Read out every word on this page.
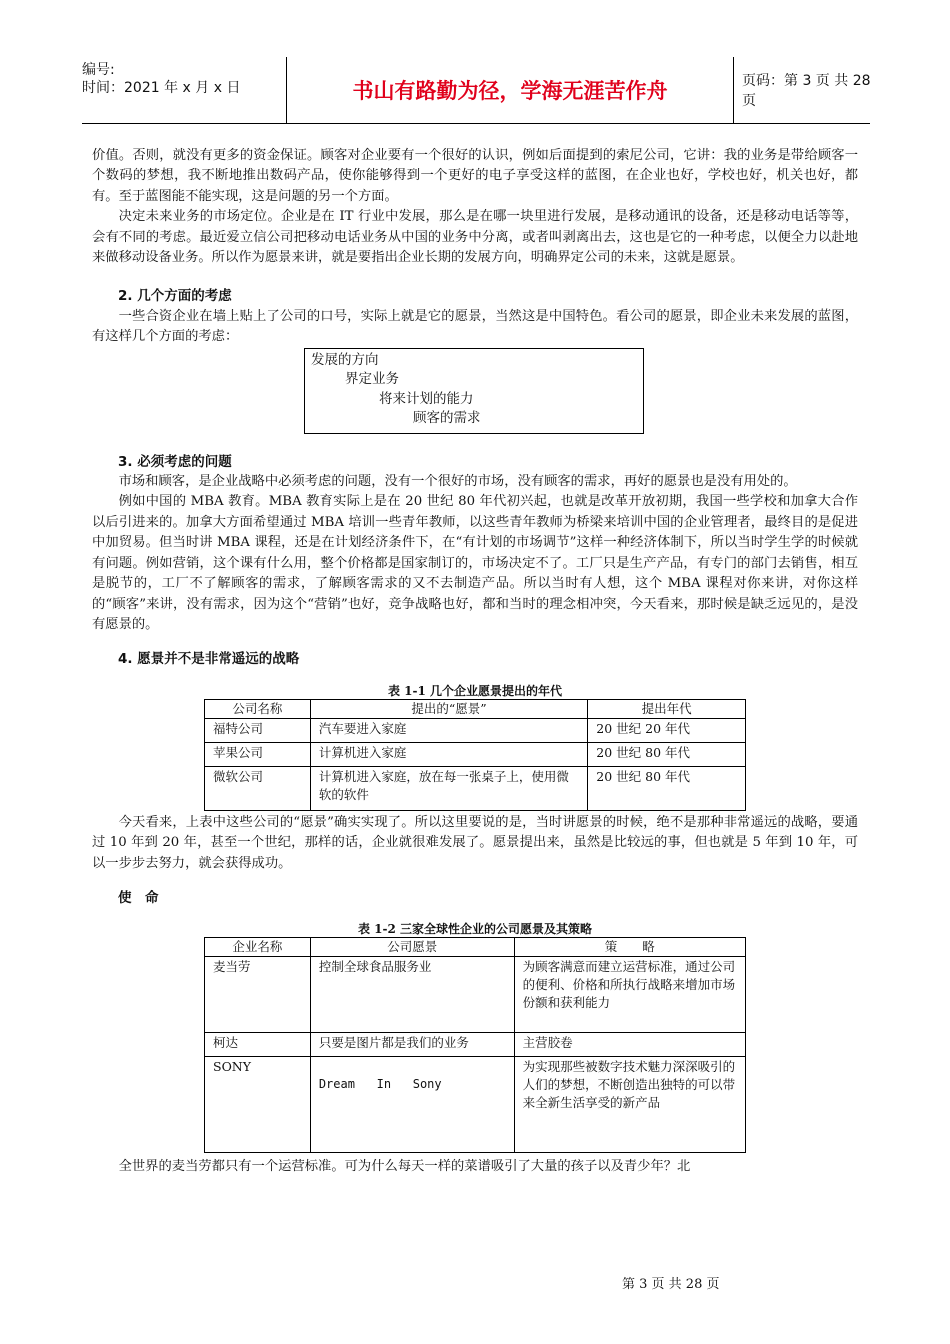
编号:
时间：2021 年 x 月 x 日	书山有路勤为径，学海无涯苦作舟	页码：第 3 页 共 28 页

价值。否则，就没有更多的资金保证。顾客对企业要有一个很好的认识，例如后面提到的索尼公司，它讲：我的业务是带给顾客一个数码的梦想，我不断地推出数码产品，使你能够得到一个更好的电子享受这样的蓝图，在企业也好，学校也好，机关也好，都有。至于蓝图能不能实现，这是问题的另一个方面。

决定未来业务的市场定位。企业是在 IT 行业中发展，那么是在哪一块里进行发展，是移动通讯的设备，还是移动电话等等，会有不同的考虑。最近爱立信公司把移动电话业务从中国的业务中分离，或者叫剥离出去，这也是它的一种考虑，以便全力以赴地来做移动设备业务。所以作为愿景来讲，就是要指出企业长期的发展方向，明确界定公司的未来，这就是愿景。

2. 几个方面的考虑

一些合资企业在墙上贴上了公司的口号，实际上就是它的愿景，当然这是中国特色。看公司的愿景，即企业未来发展的蓝图，有这样几个方面的考虑：

发展的方向
界定业务
将来计划的能力
顾客的需求

3. 必须考虑的问题

市场和顾客，是企业战略中必须考虑的问题，没有一个很好的市场，没有顾客的需求，再好的愿景也是没有用处的。

例如中国的 MBA 教育。MBA 教育实际上是在 20 世纪 80 年代初兴起，也就是改革开放初期，我国一些学校和加拿大合作以后引进来的。加拿大方面希望通过 MBA 培训一些青年教师，以这些青年教师为桥梁来培训中国的企业管理者，最终目的是促进中加贸易。但当时讲 MBA 课程，还是在计划经济条件下，在“有计划的市场调节”这样一种经济体制下，所以当时学生学的时候就有问题。例如营销，这个课有什么用，整个价格都是国家制订的，市场决定不了。工厂只是生产产品，有专门的部门去销售，相互是脱节的，工厂不了解顾客的需求，了解顾客需求的又不去制造产品。所以当时有人想，这个 MBA 课程对你来讲，对你这样的“顾客”来讲，没有需求，因为这个“营销”也好，竞争战略也好，都和当时的理念相冲突，今天看来，那时候是缺乏远见的，是没有愿景的。

4. 愿景并不是非常遥远的战略

表 1-1 几个企业愿景提出的年代
公司名称	提出的“愿景”	提出年代
福特公司	汽车要进入家庭	20 世纪 20 年代
苹果公司	计算机进入家庭	20 世纪 80 年代
微软公司	计算机进入家庭，放在每一张桌子上，使用微软的软件	20 世纪 80 年代

今天看来，上表中这些公司的“愿景”确实实现了。所以这里要说的是，当时讲愿景的时候，绝不是那种非常遥远的战略，要通过 10 年到 20 年，甚至一个世纪，那样的话，企业就很难发展了。愿景提出来，虽然是比较远的事，但也就是 5 年到 10 年，可以一步步去努力，就会获得成功。

使　命

表 1-2 三家全球性企业的公司愿景及其策略
企业名称	公司愿景	策　　略
麦当劳	控制全球食品服务业	为顾客满意而建立运营标准，通过公司的便利、价格和所执行战略来增加市场份额和获利能力
柯达	只要是图片都是我们的业务	主营胶卷
SONY	Dream   In   Sony	为实现那些被数字技术魅力深深吸引的人们的梦想，不断创造出独特的可以带来全新生活享受的新产品

全世界的麦当劳都只有一个运营标准。可为什么每天一样的菜谱吸引了大量的孩子以及青少年？北

第 3 页 共 28 页
